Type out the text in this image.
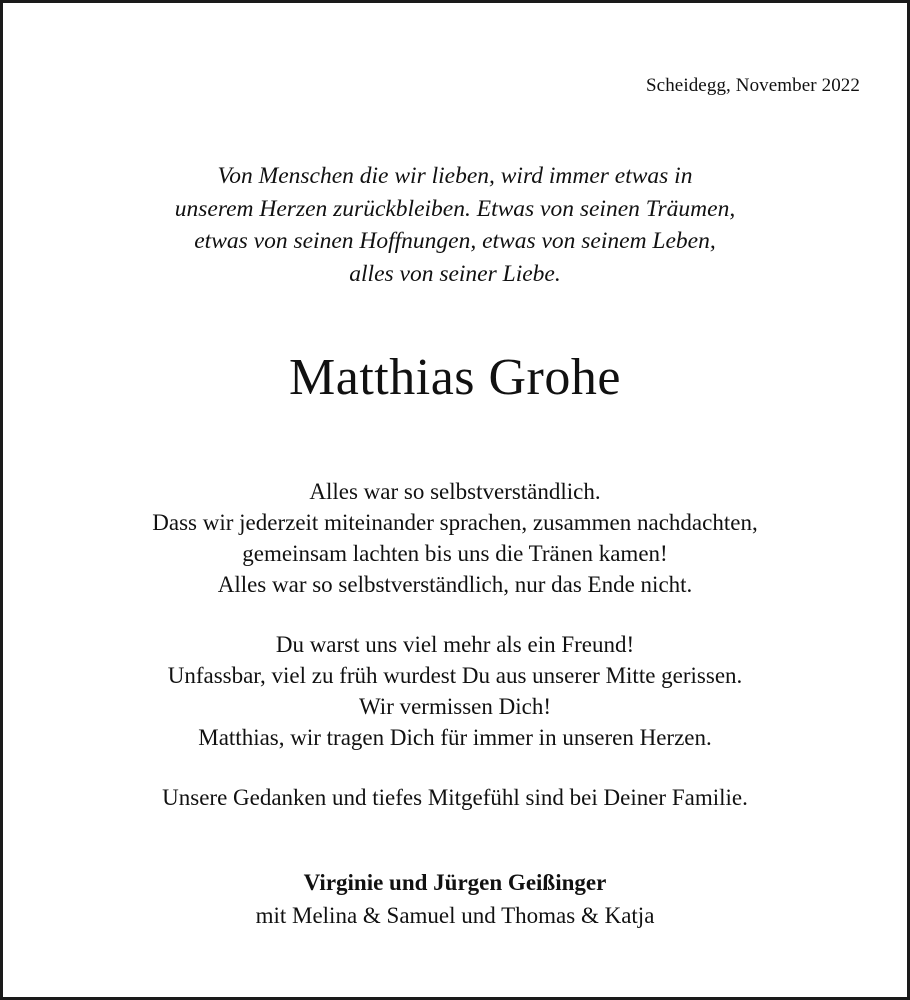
Scheidegg, November 2022
Von Menschen die wir lieben, wird immer etwas in
unserem Herzen zurückbleiben. Etwas von seinen Träumen,
etwas von seinen Hoffnungen, etwas von seinem Leben,
alles von seiner Liebe.
Matthias Grohe
Alles war so selbstverständlich.
Dass wir jederzeit miteinander sprachen, zusammen nachdachten,
gemeinsam lachten bis uns die Tränen kamen!
Alles war so selbstverständlich, nur das Ende nicht.
Du warst uns viel mehr als ein Freund!
Unfassbar, viel zu früh wurdest Du aus unserer Mitte gerissen.
Wir vermissen Dich!
Matthias, wir tragen Dich für immer in unseren Herzen.
Unsere Gedanken und tiefes Mitgefühl sind bei Deiner Familie.
Virginie und Jürgen Geißinger
mit Melina & Samuel und Thomas & Katja
